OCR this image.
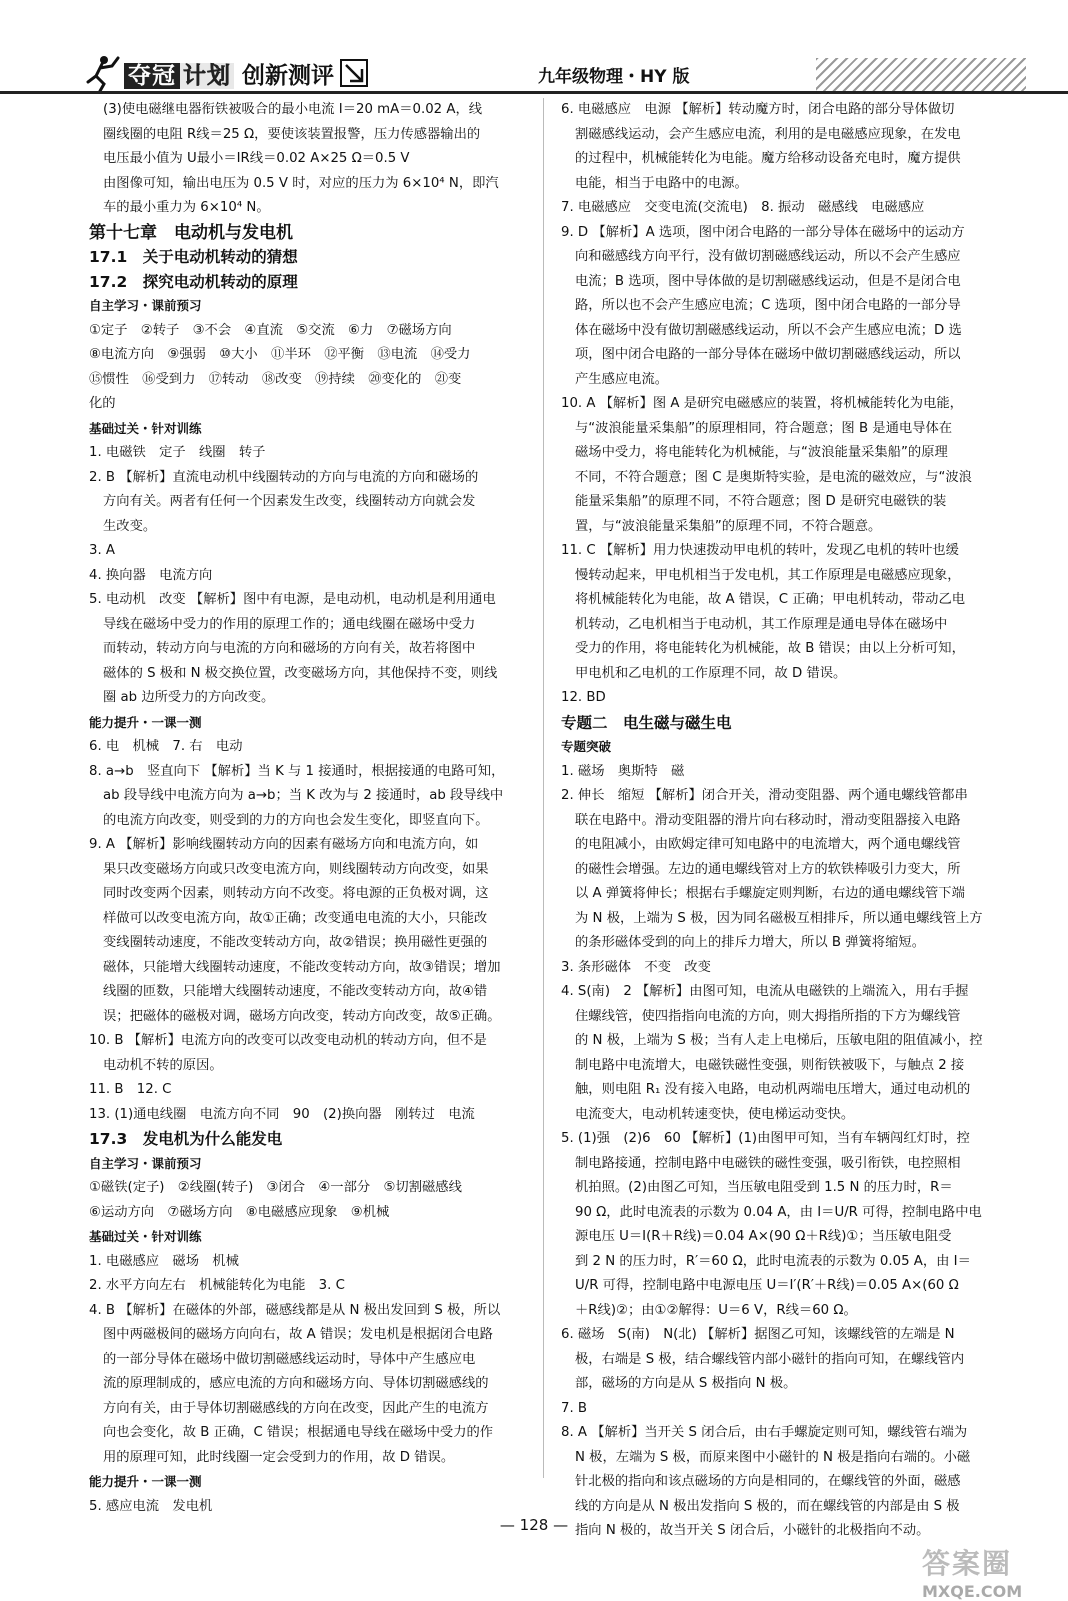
夺冠 计划 创新测评	九年级物理・HY 版

(3)使电磁继电器衔铁被吸合的最小电流 I＝20 mA＝0.02 A，线

圈线圈的电阻 R线＝25 Ω，要使该装置报警，压力传感器输出的

电压最小值为 U最小＝IR线＝0.02 A×25 Ω＝0.5 V

由图像可知，输出电压为 0.5 V 时，对应的压力为 6×10⁴ N，即汽

车的最小重力为 6×10⁴ N。

第十七章　电动机与发电机

17.1　关于电动机转动的猜想

17.2　探究电动机转动的原理

自主学习・课前预习

①定子　②转子　③不会　④直流　⑤交流　⑥力　⑦磁场方向

⑧电流方向　⑨强弱　⑩大小　⑪半环　⑫平衡　⑬电流　⑭受力

⑮惯性　⑯受到力　⑰转动　⑱改变　⑲持续　⑳变化的　㉑变

化的

基础过关・针对训练

1. 电磁铁　定子　线圈　转子

2. B 【解析】直流电动机中线圈转动的方向与电流的方向和磁场的

方向有关。两者有任何一个因素发生改变，线圈转动方向就会发

生改变。

3. A

4. 换向器　电流方向

5. 电动机　改变 【解析】图中有电源，是电动机，电动机是利用通电

导线在磁场中受力的作用的原理工作的；通电线圈在磁场中受力

而转动，转动方向与电流的方向和磁场的方向有关，故若将图中

磁体的 S 极和 N 极交换位置，改变磁场方向，其他保持不变，则线

圈 ab 边所受力的方向改变。

能力提升・一课一测

6. 电　机械　7. 右　电动

8. a→b　竖直向下 【解析】当 K 与 1 接通时，根据接通的电路可知，

ab 段导线中电流方向为 a→b；当 K 改为与 2 接通时，ab 段导线中

的电流方向改变，则受到的力的方向也会发生变化，即竖直向下。

9. A 【解析】影响线圈转动方向的因素有磁场方向和电流方向，如

果只改变磁场方向或只改变电流方向，则线圈转动方向改变，如果

同时改变两个因素，则转动方向不改变。将电源的正负极对调，这

样做可以改变电流方向，故①正确；改变通电电流的大小，只能改

变线圈转动速度，不能改变转动方向，故②错误；换用磁性更强的

磁体，只能增大线圈转动速度，不能改变转动方向，故③错误；增加

线圈的匝数，只能增大线圈转动速度，不能改变转动方向，故④错

误；把磁体的磁极对调，磁场方向改变，转动方向改变，故⑤正确。

10. B 【解析】电流方向的改变可以改变电动机的转动方向，但不是

电动机不转的原因。

11. B　12. C

13. (1)通电线圈　电流方向不同　90　(2)换向器　刚转过　电流

17.3　发电机为什么能发电

自主学习・课前预习

①磁铁(定子)　②线圈(转子)　③闭合　④一部分　⑤切割磁感线

⑥运动方向　⑦磁场方向　⑧电磁感应现象　⑨机械

基础过关・针对训练

1. 电磁感应　磁场　机械

2. 水平方向左右　机械能转化为电能　3. C

4. B 【解析】在磁体的外部，磁感线都是从 N 极出发回到 S 极，所以

图中两磁极间的磁场方向向右，故 A 错误；发电机是根据闭合电路

的一部分导体在磁场中做切割磁感线运动时，导体中产生感应电

流的原理制成的，感应电流的方向和磁场方向、导体切割磁感线的

方向有关，由于导体切割磁感线的方向在改变，因此产生的电流方

向也会变化，故 B 正确，C 错误；根据通电导线在磁场中受力的作

用的原理可知，此时线圈一定会受到力的作用，故 D 错误。

能力提升・一课一测

5. 感应电流　发电机

6. 电磁感应　电源 【解析】转动魔方时，闭合电路的部分导体做切

割磁感线运动，会产生感应电流，利用的是电磁感应现象，在发电

的过程中，机械能转化为电能。魔方给移动设备充电时，魔方提供

电能，相当于电路中的电源。

7. 电磁感应　交变电流(交流电)　8. 振动　磁感线　电磁感应

9. D 【解析】A 选项，图中闭合电路的一部分导体在磁场中的运动方

向和磁感线方向平行，没有做切割磁感线运动，所以不会产生感应

电流；B 选项，图中导体做的是切割磁感线运动，但是不是闭合电

路，所以也不会产生感应电流；C 选项，图中闭合电路的一部分导

体在磁场中没有做切割磁感线运动，所以不会产生感应电流；D 选

项，图中闭合电路的一部分导体在磁场中做切割磁感线运动，所以

产生感应电流。

10. A 【解析】图 A 是研究电磁感应的装置，将机械能转化为电能，

与“波浪能量采集船”的原理相同，符合题意；图 B 是通电导体在

磁场中受力，将电能转化为机械能，与“波浪能量采集船”的原理

不同，不符合题意；图 C 是奥斯特实验，是电流的磁效应，与“波浪

能量采集船”的原理不同，不符合题意；图 D 是研究电磁铁的装

置，与“波浪能量采集船”的原理不同，不符合题意。

11. C 【解析】用力快速拨动甲电机的转叶，发现乙电机的转叶也缓

慢转动起来，甲电机相当于发电机，其工作原理是电磁感应现象，

将机械能转化为电能，故 A 错误，C 正确；甲电机转动，带动乙电

机转动，乙电机相当于电动机，其工作原理是通电导体在磁场中

受力的作用，将电能转化为机械能，故 B 错误；由以上分析可知，

甲电机和乙电机的工作原理不同，故 D 错误。

12. BD

专题二　电生磁与磁生电

专题突破

1. 磁场　奥斯特　磁

2. 伸长　缩短 【解析】闭合开关，滑动变阻器、两个通电螺线管都串

联在电路中。滑动变阻器的滑片向右移动时，滑动变阻器接入电路

的电阻减小，由欧姆定律可知电路中的电流增大，两个通电螺线管

的磁性会增强。左边的通电螺线管对上方的软铁棒吸引力变大，所

以 A 弹簧将伸长；根据右手螺旋定则判断，右边的通电螺线管下端

为 N 极，上端为 S 极，因为同名磁极互相排斥，所以通电螺线管上方

的条形磁体受到的向上的排斥力增大，所以 B 弹簧将缩短。

3. 条形磁体　不变　改变

4. S(南)　2 【解析】由图可知，电流从电磁铁的上端流入，用右手握

住螺线管，使四指指向电流的方向，则大拇指所指的下方为螺线管

的 N 极，上端为 S 极；当有人走上电梯后，压敏电阻的阻值减小，控

制电路中电流增大，电磁铁磁性变强，则衔铁被吸下，与触点 2 接

触，则电阻 R₁ 没有接入电路，电动机两端电压增大，通过电动机的

电流变大，电动机转速变快，使电梯运动变快。

5. (1)强　(2)6　60 【解析】(1)由图甲可知，当有车辆闯红灯时，控

制电路接通，控制电路中电磁铁的磁性变强，吸引衔铁，电控照相

机拍照。(2)由图乙可知，当压敏电阻受到 1.5 N 的压力时，R＝

90 Ω，此时电流表的示数为 0.04 A，由 I＝U/R 可得，控制电路中电

源电压 U＝I(R＋R线)＝0.04 A×(90 Ω＋R线)①；当压敏电阻受

到 2 N 的压力时，R′＝60 Ω，此时电流表的示数为 0.05 A，由 I＝

U/R 可得，控制电路中电源电压 U＝I′(R′＋R线)＝0.05 A×(60 Ω

＋R线)②；由①②解得：U＝6 V，R线＝60 Ω。

6. 磁场　S(南)　N(北) 【解析】据图乙可知，该螺线管的左端是 N

极，右端是 S 极，结合螺线管内部小磁针的指向可知，在螺线管内

部，磁场的方向是从 S 极指向 N 极。

7. B

8. A 【解析】当开关 S 闭合后，由右手螺旋定则可知，螺线管右端为

N 极，左端为 S 极，而原来图中小磁针的 N 极是指向右端的。小磁

针北极的指向和该点磁场的方向是相同的，在螺线管的外面，磁感

线的方向是从 N 极出发指向 S 极的，而在螺线管的内部是由 S 极

指向 N 极的，故当开关 S 闭合后，小磁针的北极指向不动。

— 128 —
答案圈
MXQE.COM
